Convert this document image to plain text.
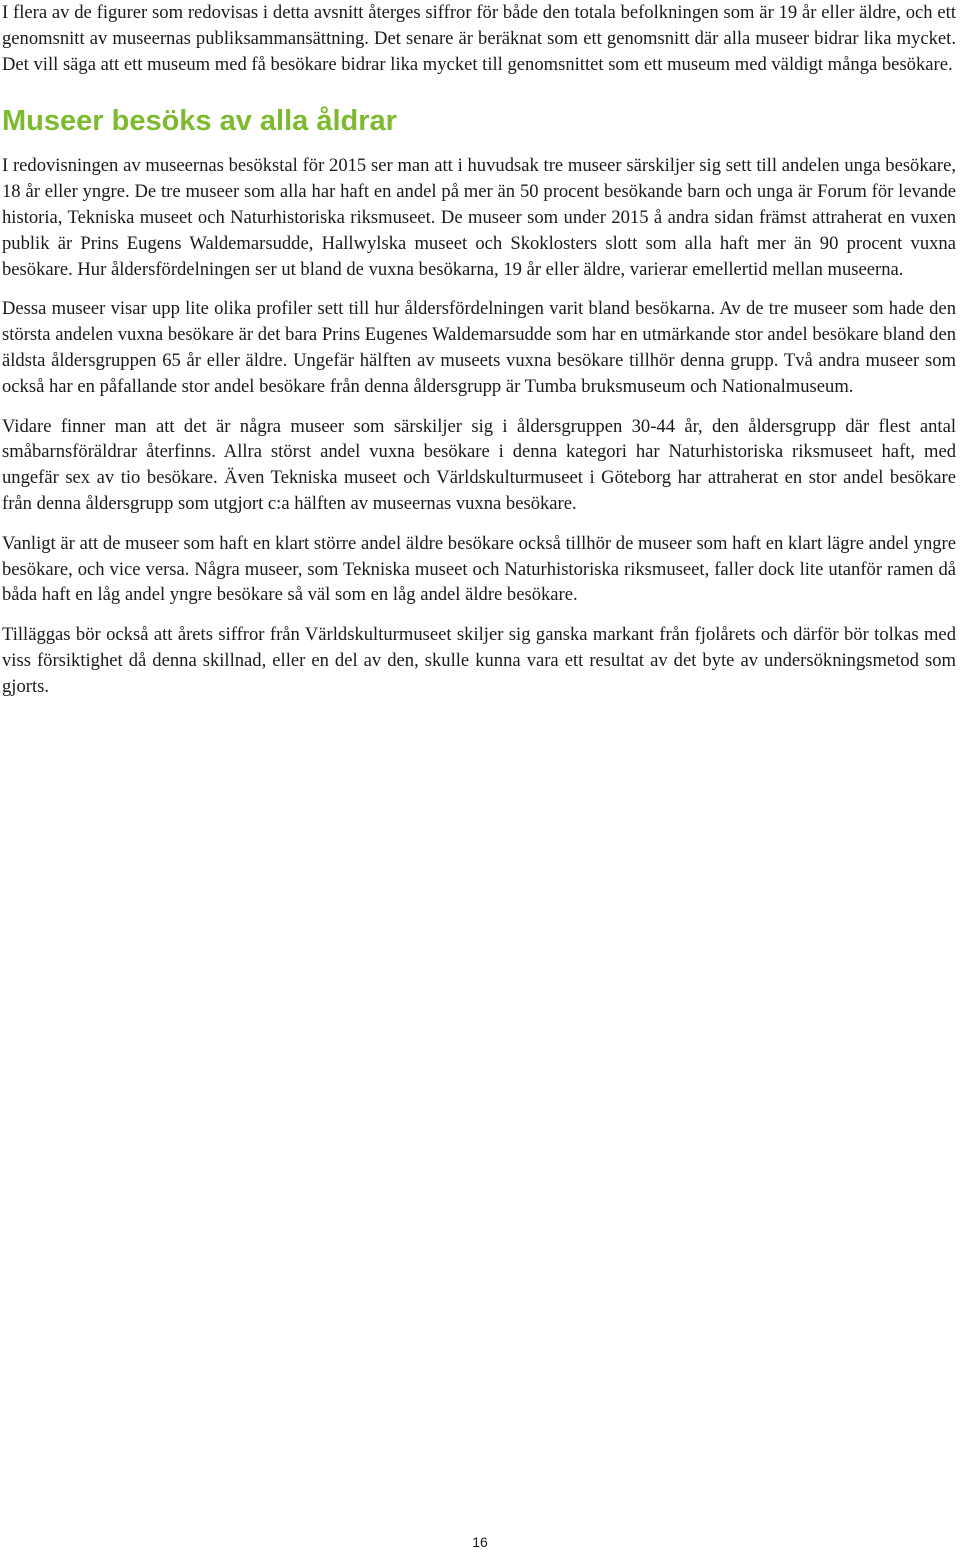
I flera av de figurer som redovisas i detta avsnitt återges siffror för både den totala befolkningen som är 19 år eller äldre, och ett genomsnitt av museernas publiksammansättning. Det senare är beräknat som ett genomsnitt där alla museer bidrar lika mycket. Det vill säga att ett museum med få besökare bidrar lika mycket till genomsnittet som ett museum med väldigt många besökare.

Museer besöks av alla åldrar

I redovisningen av museernas besökstal för 2015 ser man att i huvudsak tre museer särskiljer sig sett till andelen unga besökare, 18 år eller yngre. De tre museer som alla har haft en andel på mer än 50 procent besökande barn och unga är Forum för levande historia, Tekniska museet och Naturhistoriska riksmuseet. De museer som under 2015 å andra sidan främst attraherat en vuxen publik är Prins Eugens Waldemarsudde, Hallwylska museet och Skoklosters slott som alla haft mer än 90 procent vuxna besökare. Hur åldersfördelningen ser ut bland de vuxna besökarna, 19 år eller äldre, varierar emellertid mellan museerna.

Dessa museer visar upp lite olika profiler sett till hur åldersfördelningen varit bland besökarna. Av de tre museer som hade den största andelen vuxna besökare är det bara Prins Eugenes Waldemarsudde som har en utmärkande stor andel besökare bland den äldsta åldersgruppen 65 år eller äldre. Ungefär hälften av museets vuxna besökare tillhör denna grupp. Två andra museer som också har en påfallande stor andel besökare från denna åldersgrupp är Tumba bruksmuseum och Nationalmuseum.

Vidare finner man att det är några museer som särskiljer sig i åldersgruppen 30-44 år, den åldersgrupp där flest antal småbarnsföräldrar återfinns. Allra störst andel vuxna besökare i denna kategori har Naturhistoriska riksmuseet haft, med ungefär sex av tio besökare. Även Tekniska museet och Världskulturmuseet i Göteborg har attraherat en stor andel besökare från denna åldersgrupp som utgjort c:a hälften av museernas vuxna besökare.

Vanligt är att de museer som haft en klart större andel äldre besökare också tillhör de museer som haft en klart lägre andel yngre besökare, och vice versa. Några museer, som Tekniska museet och Naturhistoriska riksmuseet, faller dock lite utanför ramen då båda haft en låg andel yngre besökare så väl som en låg andel äldre besökare.

Tilläggas bör också att årets siffror från Världskulturmuseet skiljer sig ganska markant från fjolårets och därför bör tolkas med viss försiktighet då denna skillnad, eller en del av den, skulle kunna vara ett resultat av det byte av undersökningsmetod som gjorts.

16
